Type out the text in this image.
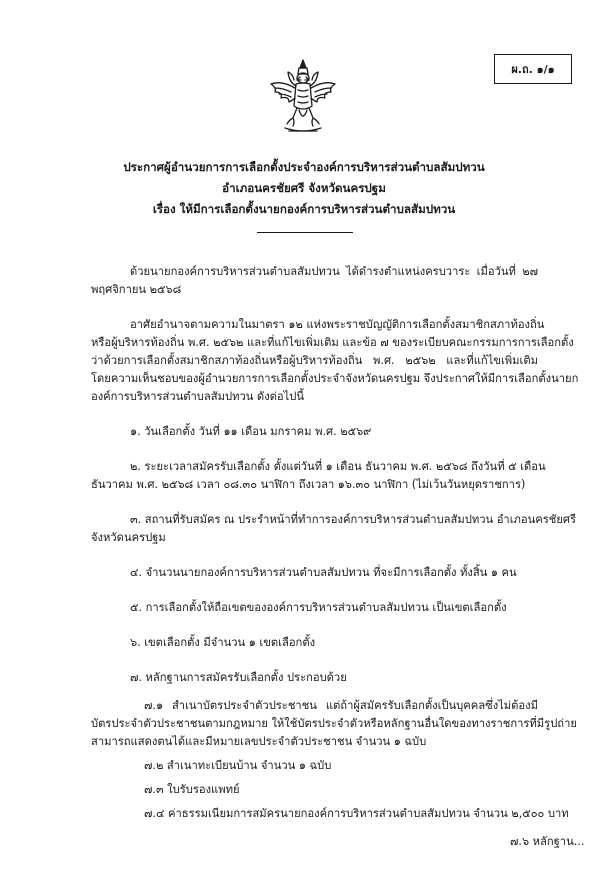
ผ.ถ. ๑/๑
ประกาศผู้อำนวยการการเลือกตั้งประจำองค์การบริหารส่วนตำบลสัมปทวน
อำเภอนครชัยศรี จังหวัดนครปฐม
เรื่อง ให้มีการเลือกตั้งนายกองค์การบริหารส่วนตำบลสัมปทวน
ด้วยนายกองค์การบริหารส่วนตำบลสัมปทวน ได้ดำรงตำแหน่งครบวาระ เมื่อวันที่ ๒๗
พฤศจิกายน ๒๕๖๘
อาศัยอำนาจตามความในมาตรา ๑๒ แห่งพระราชบัญญัติการเลือกตั้งสมาชิกสภาท้องถิ่น
หรือผู้บริหารท้องถิ่น พ.ศ. ๒๕๖๒ และที่แก้ไขเพิ่มเติม และข้อ ๗ ของระเบียบคณะกรรมการการเลือกตั้ง
ว่าด้วยการเลือกตั้งสมาชิกสภาท้องถิ่นหรือผู้บริหารท้องถิ่น พ.ศ. ๒๕๖๒ และที่แก้ไขเพิ่มเติม
โดยความเห็นชอบของผู้อำนวยการการเลือกตั้งประจำจังหวัดนครปฐม จึงประกาศให้มีการเลือกตั้งนายก
องค์การบริหารส่วนตำบลสัมปทวน ดังต่อไปนี้
๑. วันเลือกตั้ง วันที่ ๑๑ เดือน มกราคม พ.ศ. ๒๕๖๙
๒. ระยะเวลาสมัครรับเลือกตั้ง ตั้งแต่วันที่ ๑ เดือน ธันวาคม พ.ศ. ๒๕๖๘ ถึงวันที่ ๕ เดือน
ธันวาคม พ.ศ. ๒๕๖๘ เวลา ๐๘.๓๐ นาฬิกา ถึงเวลา ๑๖.๓๐ นาฬิกา (ไม่เว้นวันหยุดราชการ)
๓. สถานที่รับสมัคร ณ ประรำหน้าที่ทำการองค์การบริหารส่วนตำบลสัมปทวน อำเภอนครชัยศรี
จังหวัดนครปฐม
๔. จำนวนนายกองค์การบริหารส่วนตำบลสัมปทวน ที่จะมีการเลือกตั้ง ทั้งสิ้น ๑ คน
๕. การเลือกตั้งให้ถือเขตขององค์การบริหารส่วนตำบลสัมปทวน เป็นเขตเลือกตั้ง
๖. เขตเลือกตั้ง มีจำนวน ๑ เขตเลือกตั้ง
๗. หลักฐานการสมัครรับเลือกตั้ง ประกอบด้วย
๗.๑ สำเนาบัตรประจำตัวประชาชน แต่ถ้าผู้สมัครรับเลือกตั้งเป็นบุคคลซึ่งไม่ต้องมี
บัตรประจำตัวประชาชนตามกฎหมาย ให้ใช้บัตรประจำตัวหรือหลักฐานอื่นใดของทางราชการที่มีรูปถ่าย
สามารถแสดงตนได้และมีหมายเลขประจำตัวประชาชน จำนวน ๑ ฉบับ
๗.๒ สำเนาทะเบียนบ้าน จำนวน ๑ ฉบับ
๗.๓ ใบรับรองแพทย์
๗.๔ ค่าธรรมเนียมการสมัครนายกองค์การบริหารส่วนตำบลสัมปทวน จำนวน ๒,๕๐๐ บาท
๗.๖ หลักฐาน...
